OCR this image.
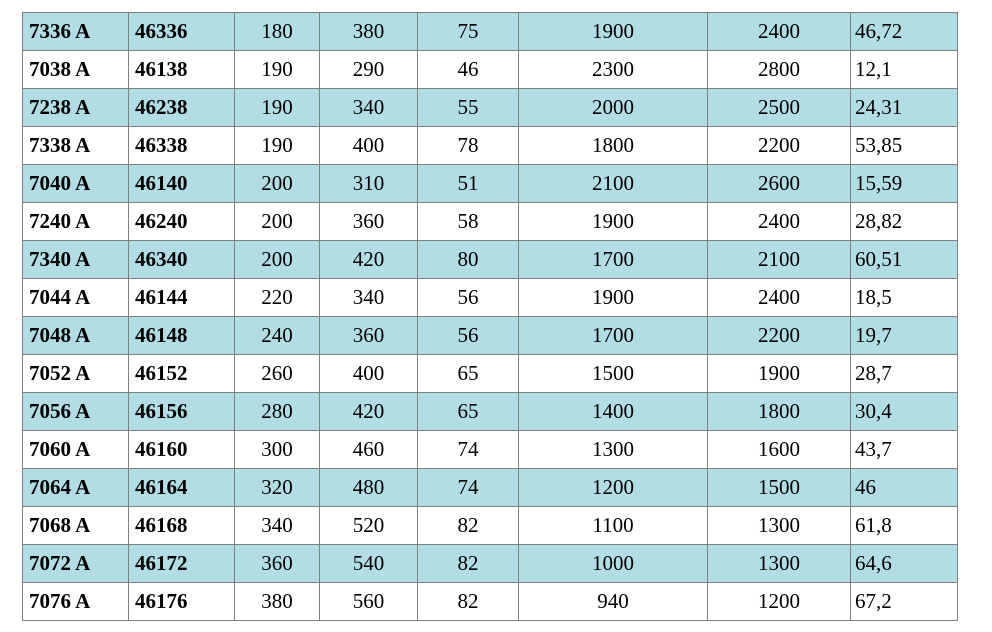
7336 A	46336	180	380	75	1900	2400	46,72
7038 A	46138	190	290	46	2300	2800	12,1
7238 A	46238	190	340	55	2000	2500	24,31
7338 A	46338	190	400	78	1800	2200	53,85
7040 A	46140	200	310	51	2100	2600	15,59
7240 A	46240	200	360	58	1900	2400	28,82
7340 A	46340	200	420	80	1700	2100	60,51
7044 A	46144	220	340	56	1900	2400	18,5
7048 A	46148	240	360	56	1700	2200	19,7
7052 A	46152	260	400	65	1500	1900	28,7
7056 A	46156	280	420	65	1400	1800	30,4
7060 A	46160	300	460	74	1300	1600	43,7
7064 A	46164	320	480	74	1200	1500	46
7068 A	46168	340	520	82	1100	1300	61,8
7072 A	46172	360	540	82	1000	1300	64,6
7076 A	46176	380	560	82	940	1200	67,2
